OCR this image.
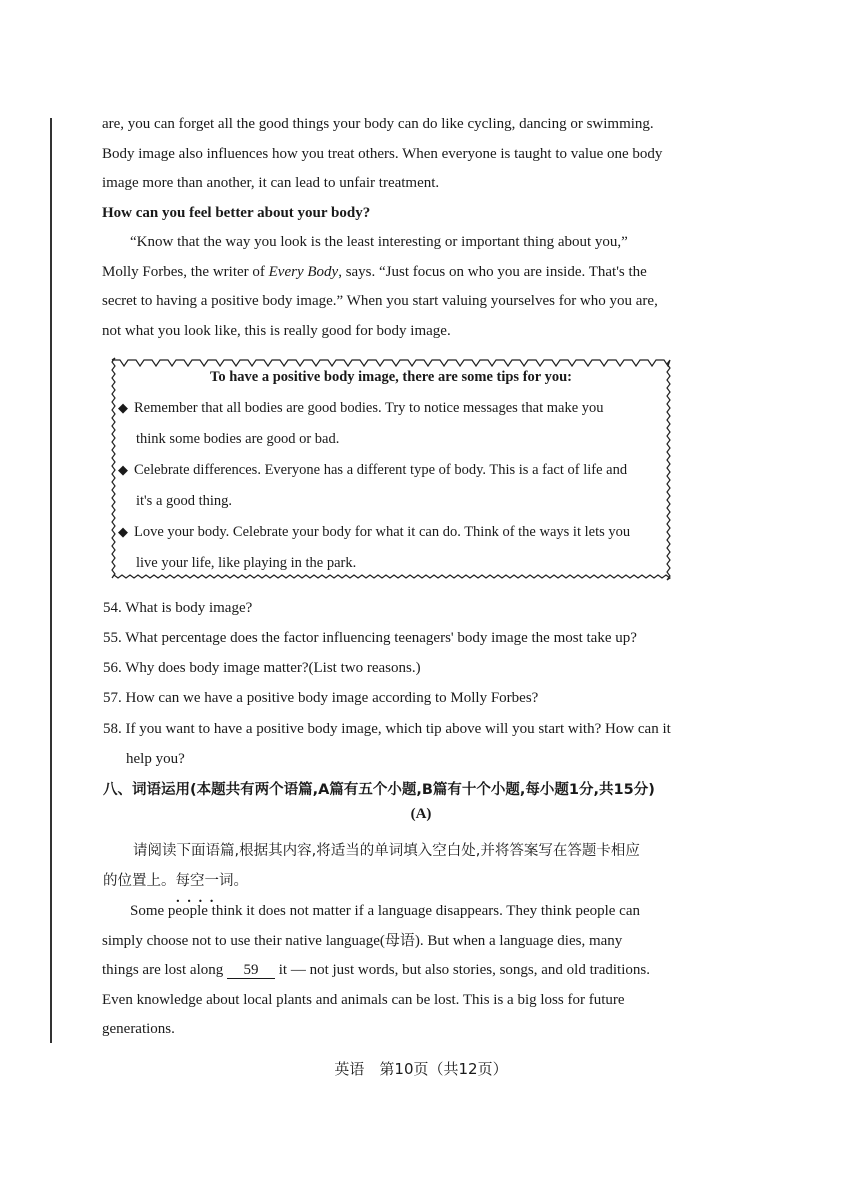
are, you can forget all the good things your body can do like cycling, dancing or swimming.

Body image also influences how you treat others. When everyone is taught to value one body

image more than another, it can lead to unfair treatment.

How can you feel better about your body?

“Know that the way you look is the least interesting or important thing about you,”

Molly Forbes, the writer of Every Body, says. “Just focus on who you are inside. That's the

secret to having a positive body image.” When you start valuing yourselves for who you are,

not what you look like, this is really good for body image.

To have a positive body image, there are some tips for you:
◆ Remember that all bodies are good bodies. Try to notice messages that make you
think some bodies are good or bad.
◆ Celebrate differences. Everyone has a different type of body. This is a fact of life and
it's a good thing.
◆ Love your body. Celebrate your body for what it can do. Think of the ways it lets you
live your life, like playing in the park.
54. What is body image?
55. What percentage does the factor influencing teenagers' body image the most take up?
56. Why does body image matter?(List two reasons.)
57. How can we have a positive body image according to Molly Forbes?
58. If you want to have a positive body image, which tip above will you start with? How can it
help you?
八、词语运用(本题共有两个语篇,A篇有五个小题,B篇有十个小题,每小题1分,共15分)
(A)
请阅读下面语篇,根据其内容,将适当的单词填入空白处,并将答案写在答题卡相应
的位置上。每空一词 • • • •。

Some people think it does not matter if a language disappears. They think people can

simply choose not to use their native language(母语). But when a language dies, many

things are lost along 59 it — not just words, but also stories, songs, and old traditions.

Even knowledge about local plants and animals can be lost. This is a big loss for future

generations.

英语　第10页（共12页）
